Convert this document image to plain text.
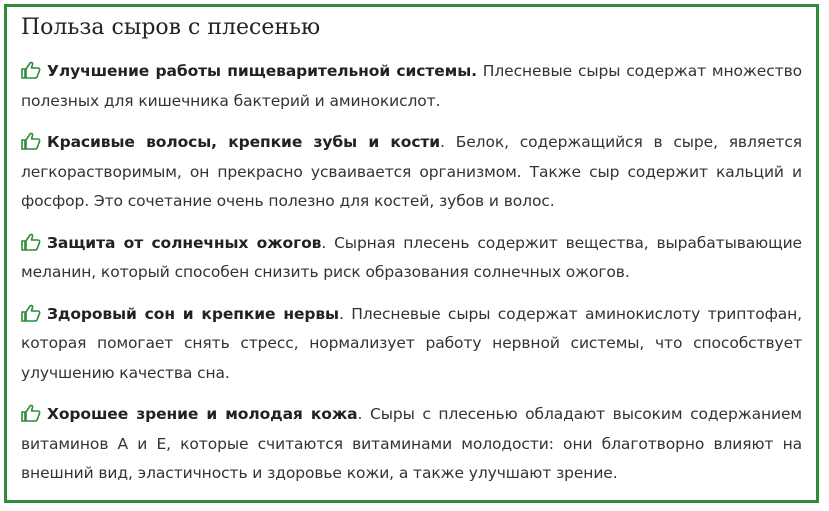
Польза сыров с плесенью

Улучшение работы пищеварительной системы. Плесневые сыры содержат множество полезных для кишечника бактерий и аминокислот.

Красивые волосы, крепкие зубы и кости. Белок, содержащийся в сыре, является легкорастворимым, он прекрасно усваивается организмом. Также сыр содержит кальций и фосфор. Это сочетание очень полезно для костей, зубов и волос.

Защита от солнечных ожогов. Сырная плесень содержит вещества, вырабатывающие меланин, который способен снизить риск образования солнечных ожогов.

Здоровый сон и крепкие нервы. Плесневые сыры содержат аминокислоту триптофан, которая помогает снять стресс, нормализует работу нервной системы, что способствует улучшению качества сна.

Хорошее зрение и молодая кожа. Сыры с плесенью обладают высоким содержанием витаминов А и Е, которые считаются витаминами молодости: они благотворно влияют на внешний вид, эластичность и здоровье кожи, а также улучшают зрение.
